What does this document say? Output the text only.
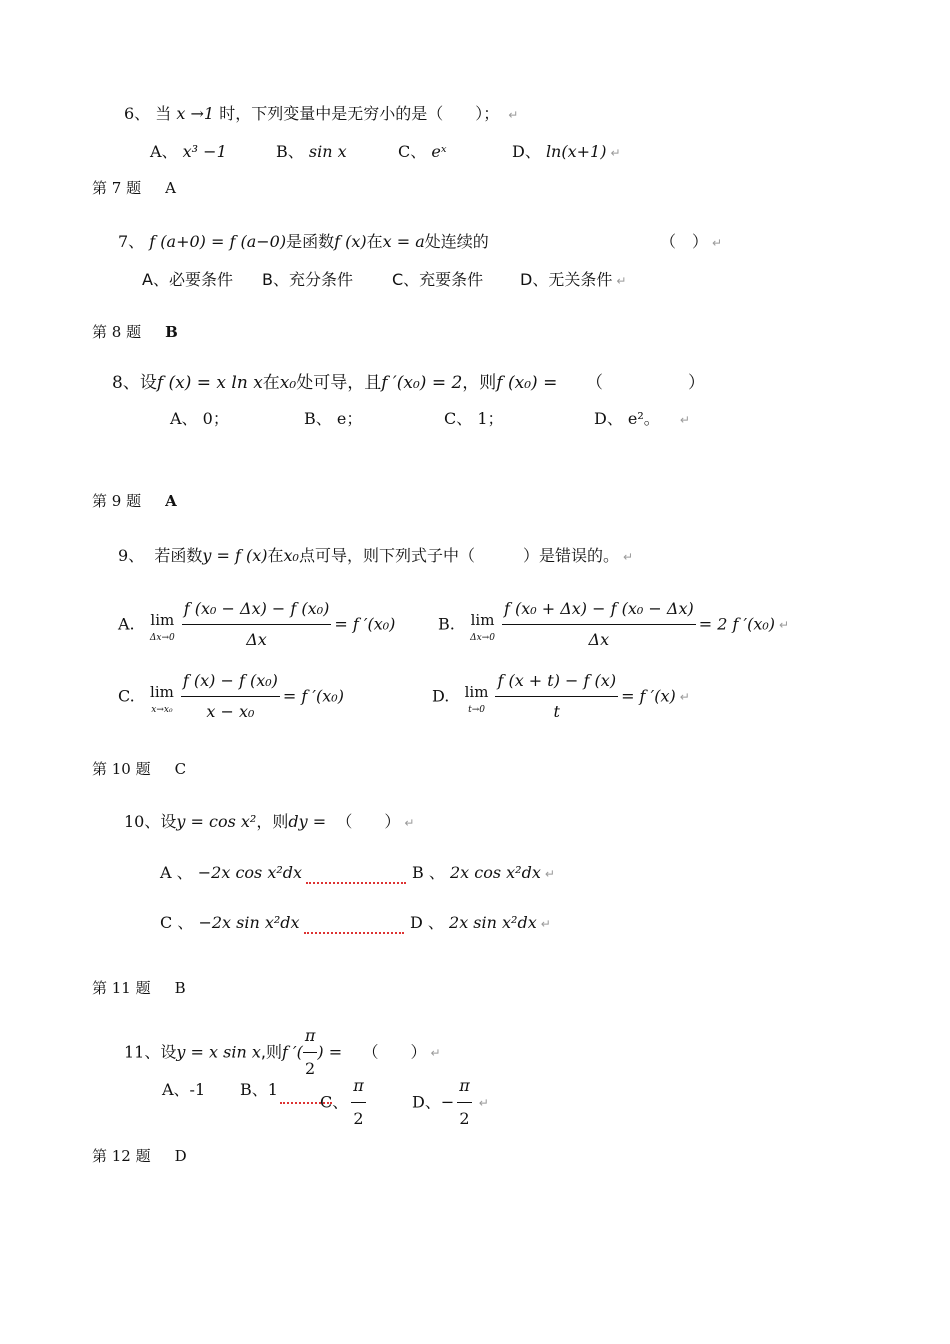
6、 当 x →1 时，下列变量中是无穷小的是（　　）； ↵
A、 x³ −1	B、 sin x	C、 eˣ	D、 ln(x+1) ↵
第 7 题 A
7、 f (a+0) = f (a−0)是函数f (x)在x = a处连续的	（　） ↵
A、必要条件 B、充分条件 C、充要条件 D、无关条件 ↵
第 8 题 B
8、设f (x) = x ln x在x₀处可导，且f ′(x₀) = 2，则f (x₀) = （　　　　　）
A、 0；	B、 e；	C、 1；	D、 e²。 ↵
第 9 题 A
9、 若函数y = f (x)在x₀点可导，则下列式子中（　　　）是错误的。 ↵
A. lim
$\Delta x\to 0 \frac{\text{f (x₀ − Δx) − f (x₀)}}{\Delta x} = f$ ′(x₀)	B. lim
$\Delta x\to 0 \frac{\text{f (x₀ + Δx) − f (x₀ − Δx)}}{\Delta x} = 2$ f ′(x₀) ↵
C. lim
$x\to x_0 \frac{\text{f (x) − f (x₀)}}{\text{x − x₀}} = f$ ′(x₀)	D. lim
$t\to 0 \frac{f (x + t) - f (x)}{t} = f$ ′(x) ↵
第 10 题 C
10、设y = cos x²，则dy = （　　） ↵
A 、 −2x cos x²dx	B 、 2x cos x²dx ↵
C 、 −2x sin x²dx	D 、 2x sin x²dx ↵
第 11 题 B
11、设y = x sin x,则f ′( $\frac{\pi}{2}$ ) = （　　） ↵
A、-1 B、1
C、 $\frac{\pi}{2}$	D、− $\frac{\pi}{2}$ ↵
第 12 题 D
